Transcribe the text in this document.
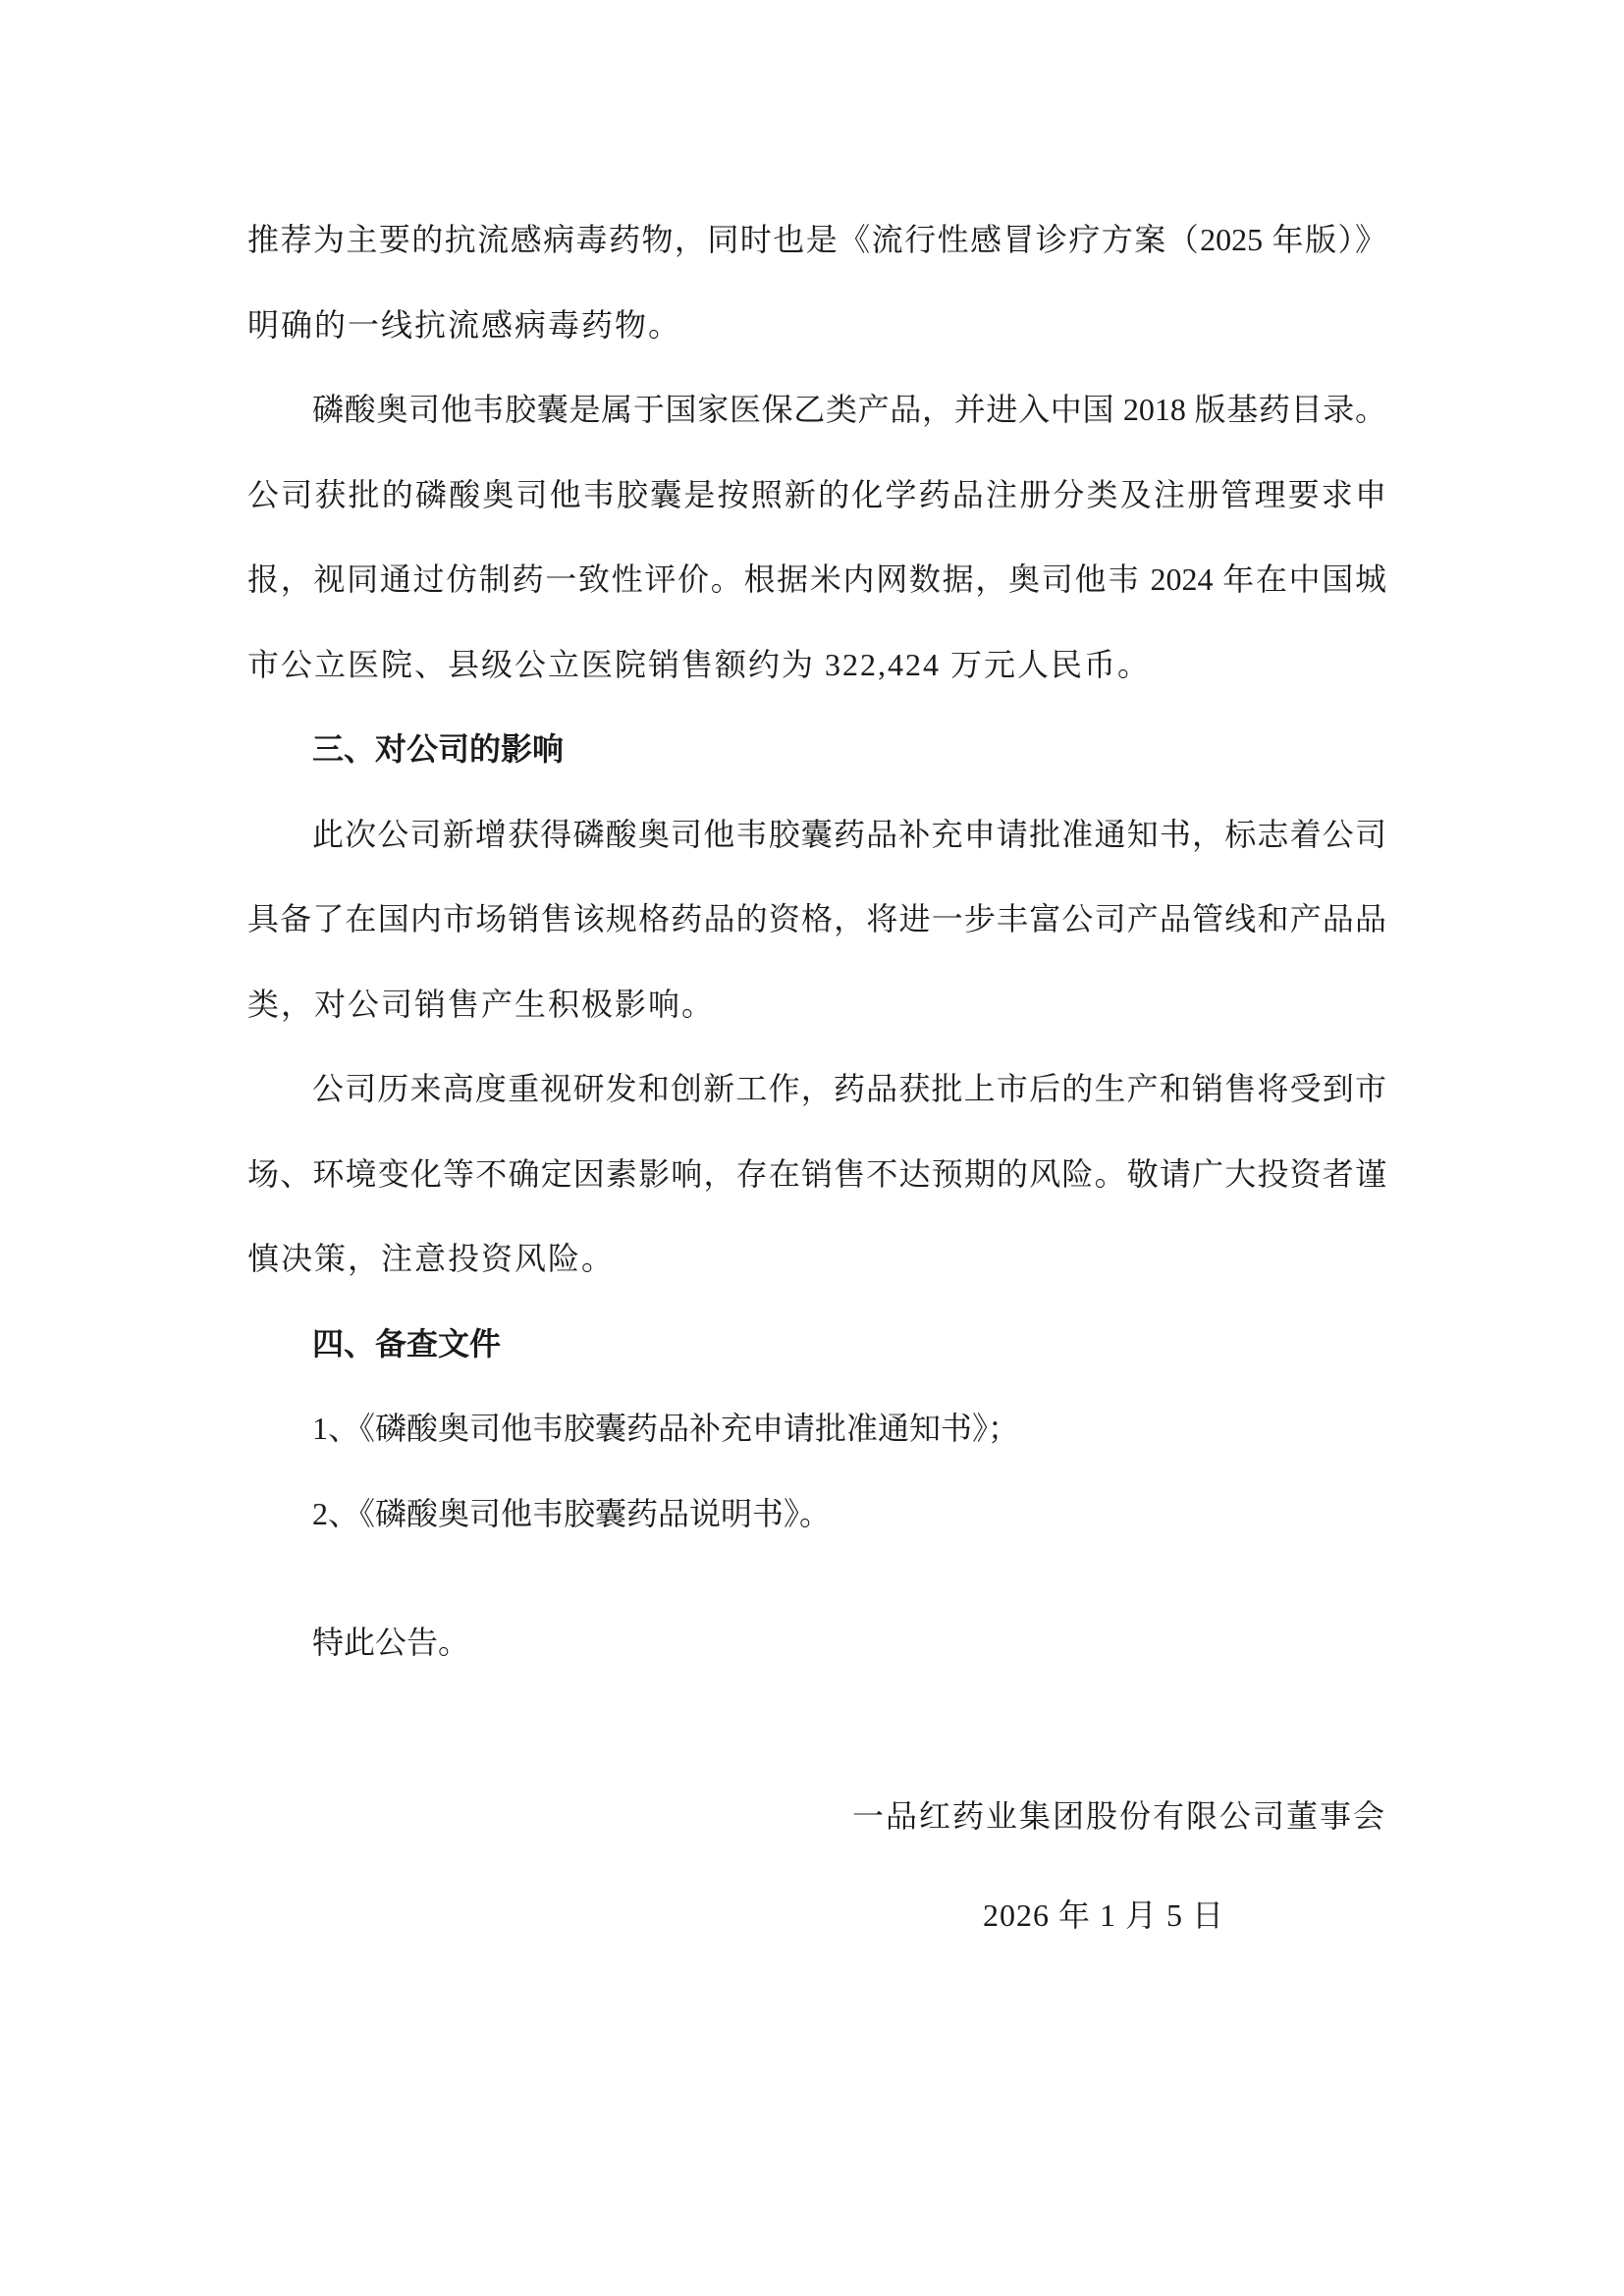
推荐为主要的抗流感病毒药物，同时也是《流行性感冒诊疗方案（2025 年版）》
明确的一线抗流感病毒药物。
磷酸奥司他韦胶囊是属于国家医保乙类产品，并进入中国 2018 版基药目录。
公司获批的磷酸奥司他韦胶囊是按照新的化学药品注册分类及注册管理要求申
报，视同通过仿制药一致性评价。根据米内网数据，奥司他韦 2024 年在中国城
市公立医院、县级公立医院销售额约为 322,424 万元人民币。
三、对公司的影响
此次公司新增获得磷酸奥司他韦胶囊药品补充申请批准通知书，标志着公司
具备了在国内市场销售该规格药品的资格，将进一步丰富公司产品管线和产品品
类，对公司销售产生积极影响。
公司历来高度重视研发和创新工作，药品获批上市后的生产和销售将受到市
场、环境变化等不确定因素影响，存在销售不达预期的风险。敬请广大投资者谨
慎决策，注意投资风险。
四、备查文件
1、《磷酸奥司他韦胶囊药品补充申请批准通知书》；
2、《磷酸奥司他韦胶囊药品说明书》。
特此公告。
一品红药业集团股份有限公司董事会
2026 年 1 月 5 日
